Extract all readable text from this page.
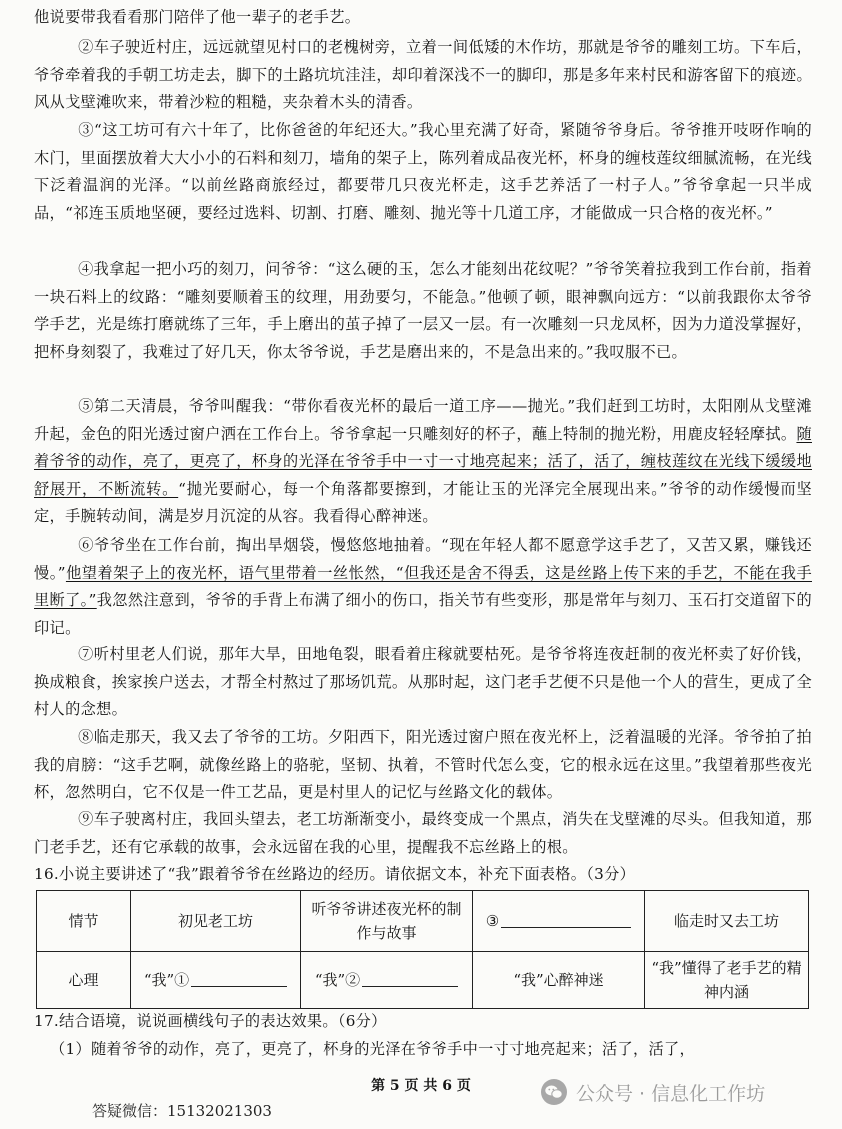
他说要带我看看那门陪伴了他一辈子的老手艺。

②车子驶近村庄，远远就望见村口的老槐树旁，立着一间低矮的木作坊，那就是爷爷的雕刻工坊。下车后，爷爷牵着我的手朝工坊走去，脚下的土路坑坑洼洼，却印着深浅不一的脚印，那是多年来村民和游客留下的痕迹。风从戈壁滩吹来，带着沙粒的粗糙，夹杂着木头的清香。

③“这工坊可有六十年了，比你爸爸的年纪还大。”我心里充满了好奇，紧随爷爷身后。爷爷推开吱呀作响的木门，里面摆放着大大小小的石料和刻刀，墙角的架子上，陈列着成品夜光杯，杯身的缠枝莲纹细腻流畅，在光线下泛着温润的光泽。“以前丝路商旅经过，都要带几只夜光杯走，这手艺养活了一村子人。”爷爷拿起一只半成品，“祁连玉质地坚硬，要经过选料、切割、打磨、雕刻、抛光等十几道工序，才能做成一只合格的夜光杯。”

④我拿起一把小巧的刻刀，问爷爷：“这么硬的玉，怎么才能刻出花纹呢？”爷爷笑着拉我到工作台前，指着一块石料上的纹路：“雕刻要顺着玉的纹理，用劲要匀，不能急。”他顿了顿，眼神飘向远方：“以前我跟你太爷爷学手艺，光是练打磨就练了三年，手上磨出的茧子掉了一层又一层。有一次雕刻一只龙凤杯，因为力道没掌握好，把杯身刻裂了，我难过了好几天，你太爷爷说，手艺是磨出来的，不是急出来的。”我叹服不已。

⑤第二天清晨，爷爷叫醒我：“带你看夜光杯的最后一道工序——抛光。”我们赶到工坊时，太阳刚从戈壁滩升起，金色的阳光透过窗户洒在工作台上。爷爷拿起一只雕刻好的杯子，蘸上特制的抛光粉，用鹿皮轻轻摩拭。随着爷爷的动作，亮了，更亮了，杯身的光泽在爷爷手中一寸一寸地亮起来；活了，活了，缠枝莲纹在光线下缓缓地舒展开，不断流转。“抛光要耐心，每一个角落都要擦到，才能让玉的光泽完全展现出来。”爷爷的动作缓慢而坚定，手腕转动间，满是岁月沉淀的从容。我看得心醉神迷。

⑥爷爷坐在工作台前，掏出旱烟袋，慢悠悠地抽着。“现在年轻人都不愿意学这手艺了，又苦又累，赚钱还慢。”他望着架子上的夜光杯，语气里带着一丝怅然，“但我还是舍不得丢，这是丝路上传下来的手艺，不能在我手里断了。”我忽然注意到，爷爷的手背上布满了细小的伤口，指关节有些变形，那是常年与刻刀、玉石打交道留下的印记。

⑦听村里老人们说，那年大旱，田地龟裂，眼看着庄稼就要枯死。是爷爷将连夜赶制的夜光杯卖了好价钱，换成粮食，挨家挨户送去，才帮全村熬过了那场饥荒。从那时起，这门老手艺便不只是他一个人的营生，更成了全村人的念想。

⑧临走那天，我又去了爷爷的工坊。夕阳西下，阳光透过窗户照在夜光杯上，泛着温暖的光泽。爷爷拍了拍我的肩膀：“这手艺啊，就像丝路上的骆驼，坚韧、执着，不管时代怎么变，它的根永远在这里。”我望着那些夜光杯，忽然明白，它不仅是一件工艺品，更是村里人的记忆与丝路文化的载体。

⑨车子驶离村庄，我回头望去，老工坊渐渐变小，最终变成一个黑点，消失在戈壁滩的尽头。但我知道，那门老手艺，还有它承载的故事，会永远留在我的心里，提醒我不忘丝路上的根。

16.小说主要讲述了“我”跟着爷爷在丝路边的经历。请依据文本，补充下面表格。（3分）

情节	初见老工坊	听爷爷讲述夜光杯的制作与故事	③	临走时又去工坊
心理	“我”①	“我”②	“我”心醉神迷	“我”懂得了老手艺的精神内涵

17.结合语境，说说画横线句子的表达效果。（6分）

（1）随着爷爷的动作，亮了，更亮了，杯身的光泽在爷爷手中一寸寸地亮起来；活了，活了，

第 5 页 共 6 页	公众号 · 信息化工作坊
答疑微信：15132021303
